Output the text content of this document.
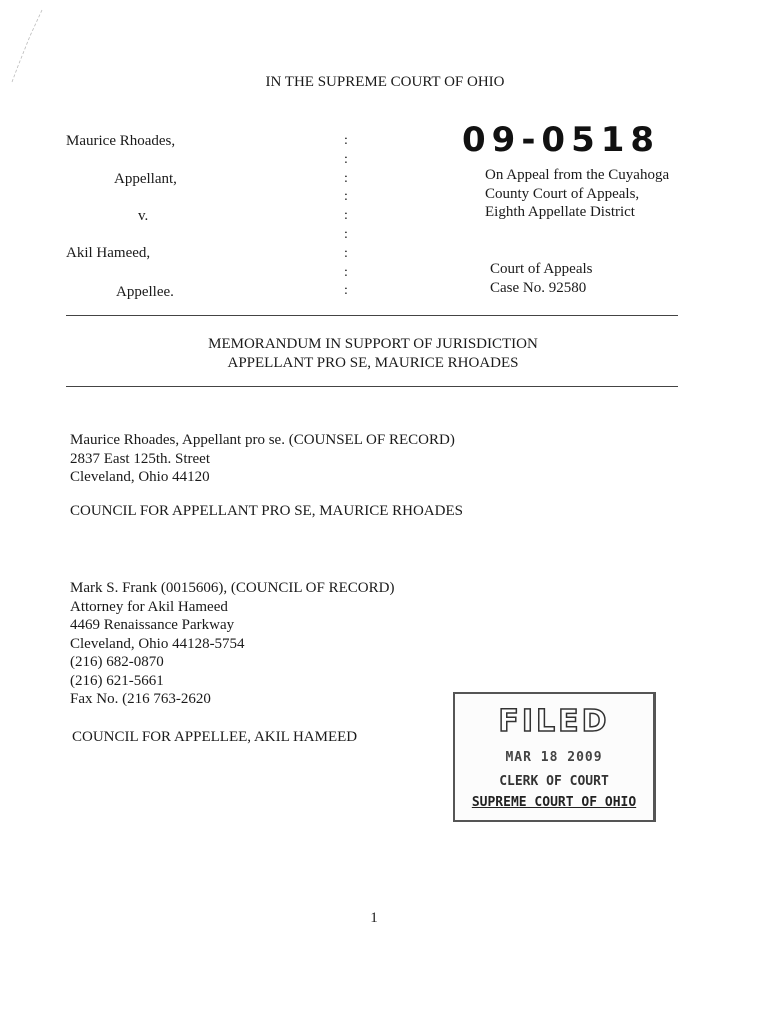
IN THE SUPREME COURT OF OHIO
Maurice Rhoades,
Appellant,
v.
Akil Hameed,
Appellee.
:
:
:
:
:
:
:
:
:
09-0518
On Appeal from the Cuyahoga
County Court of Appeals,
Eighth Appellate District
Court of Appeals
Case No. 92580
MEMORANDUM IN SUPPORT OF JURISDICTION
APPELLANT PRO SE, MAURICE RHOADES
Maurice Rhoades, Appellant pro se. (COUNSEL OF RECORD)
2837 East 125th. Street
Cleveland, Ohio 44120
COUNCIL FOR APPELLANT PRO SE, MAURICE RHOADES
Mark S. Frank (0015606), (COUNCIL OF RECORD)
Attorney for Akil Hameed
4469 Renaissance Parkway
Cleveland, Ohio 44128-5754
(216) 682-0870
(216) 621-5661
Fax No. (216 763-2620
COUNCIL FOR APPELLEE, AKIL HAMEED	FILED
MAR 18 2009
CLERK OF COURT
SUPREME COURT OF OHIO
1
